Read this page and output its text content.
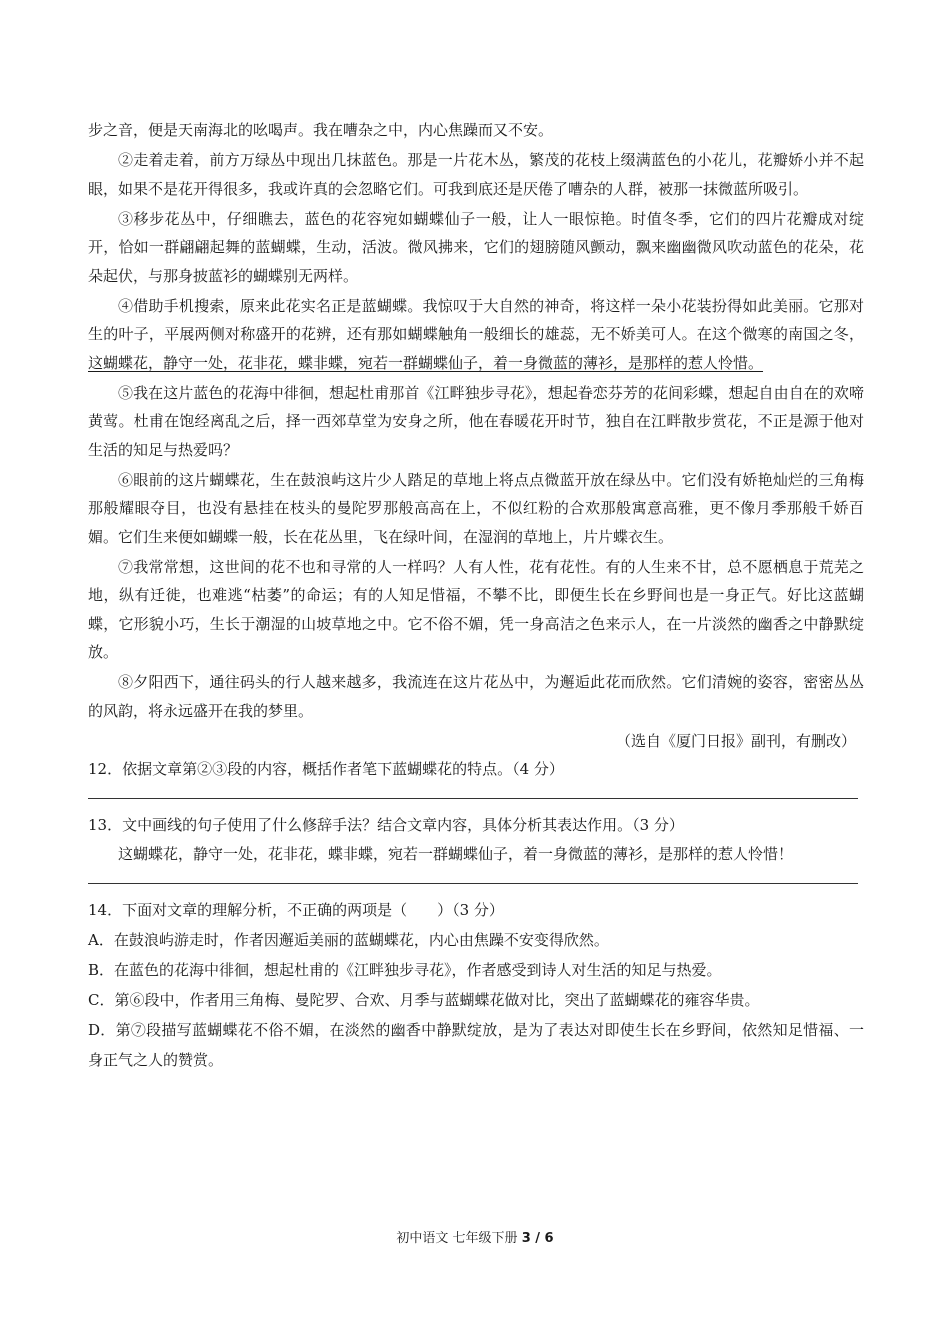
步之音，便是天南海北的吆喝声。我在嘈杂之中，内心焦躁而又不安。

②走着走着，前方万绿丛中现出几抹蓝色。那是一片花木丛，繁茂的花枝上缀满蓝色的小花儿，花瓣娇小并不起眼，如果不是花开得很多，我或许真的会忽略它们。可我到底还是厌倦了嘈杂的人群，被那一抹微蓝所吸引。

③移步花丛中，仔细瞧去，蓝色的花容宛如蝴蝶仙子一般，让人一眼惊艳。时值冬季，它们的四片花瓣成对绽开，恰如一群翩翩起舞的蓝蝴蝶，生动，活波。微风拂来，它们的翅膀随风颤动，飘来幽幽微风吹动蓝色的花朵，花朵起伏，与那身披蓝衫的蝴蝶别无两样。

④借助手机搜索，原来此花实名正是蓝蝴蝶。我惊叹于大自然的神奇，将这样一朵小花装扮得如此美丽。它那对生的叶子，平展两侧对称盛开的花辨，还有那如蝴蝶触角一般细长的雄蕊，无不娇美可人。在这个微寒的南国之冬，这蝴蝶花，静守一处，花非花，蝶非蝶，宛若一群蝴蝶仙子，着一身微蓝的薄衫，是那样的惹人怜惜。

⑤我在这片蓝色的花海中徘徊，想起杜甫那首《江畔独步寻花》，想起眷恋芬芳的花间彩蝶，想起自由自在的欢啼黄莺。杜甫在饱经离乱之后，择一西郊草堂为安身之所，他在春暖花开时节，独自在江畔散步赏花，不正是源于他对生活的知足与热爱吗？

⑥眼前的这片蝴蝶花，生在鼓浪屿这片少人踏足的草地上将点点微蓝开放在绿丛中。它们没有娇艳灿烂的三角梅那般耀眼夺目，也没有悬挂在枝头的曼陀罗那般高高在上，不似红粉的合欢那般寓意高雅，更不像月季那般千娇百媚。它们生来便如蝴蝶一般，长在花丛里，飞在绿叶间，在湿润的草地上，片片蝶衣生。

⑦我常常想，这世间的花不也和寻常的人一样吗？人有人性，花有花性。有的人生来不甘，总不愿栖息于荒芜之地，纵有迁徙，也难逃“枯萎”的命运；有的人知足惜福，不攀不比，即便生长在乡野间也是一身正气。好比这蓝蝴蝶，它形貌小巧，生长于潮湿的山坡草地之中。它不俗不媚，凭一身高洁之色来示人，在一片淡然的幽香之中静默绽放。

⑧夕阳西下，通往码头的行人越来越多，我流连在这片花丛中，为邂逅此花而欣然。它们清婉的姿容，密密丛丛的风韵，将永远盛开在我的梦里。

（选自《厦门日报》副刊，有删改）

12．依据文章第②③段的内容，概括作者笔下蓝蝴蝶花的特点。（4 分）

13．文中画线的句子使用了什么修辞手法？结合文章内容，具体分析其表达作用。（3 分）

这蝴蝶花，静守一处，花非花，蝶非蝶，宛若一群蝴蝶仙子，着一身微蓝的薄衫，是那样的惹人怜惜！

14．下面对文章的理解分析，不正确的两项是（　　）（3 分）

A．在鼓浪屿游走时，作者因邂逅美丽的蓝蝴蝶花，内心由焦躁不安变得欣然。

B．在蓝色的花海中徘徊，想起杜甫的《江畔独步寻花》，作者感受到诗人对生活的知足与热爱。

C．第⑥段中，作者用三角梅、曼陀罗、合欢、月季与蓝蝴蝶花做对比，突出了蓝蝴蝶花的雍容华贵。

D．第⑦段描写蓝蝴蝶花不俗不媚，在淡然的幽香中静默绽放，是为了表达对即使生长在乡野间，依然知足惜福、一身正气之人的赞赏。

初中语文 七年级下册 3 / 6
